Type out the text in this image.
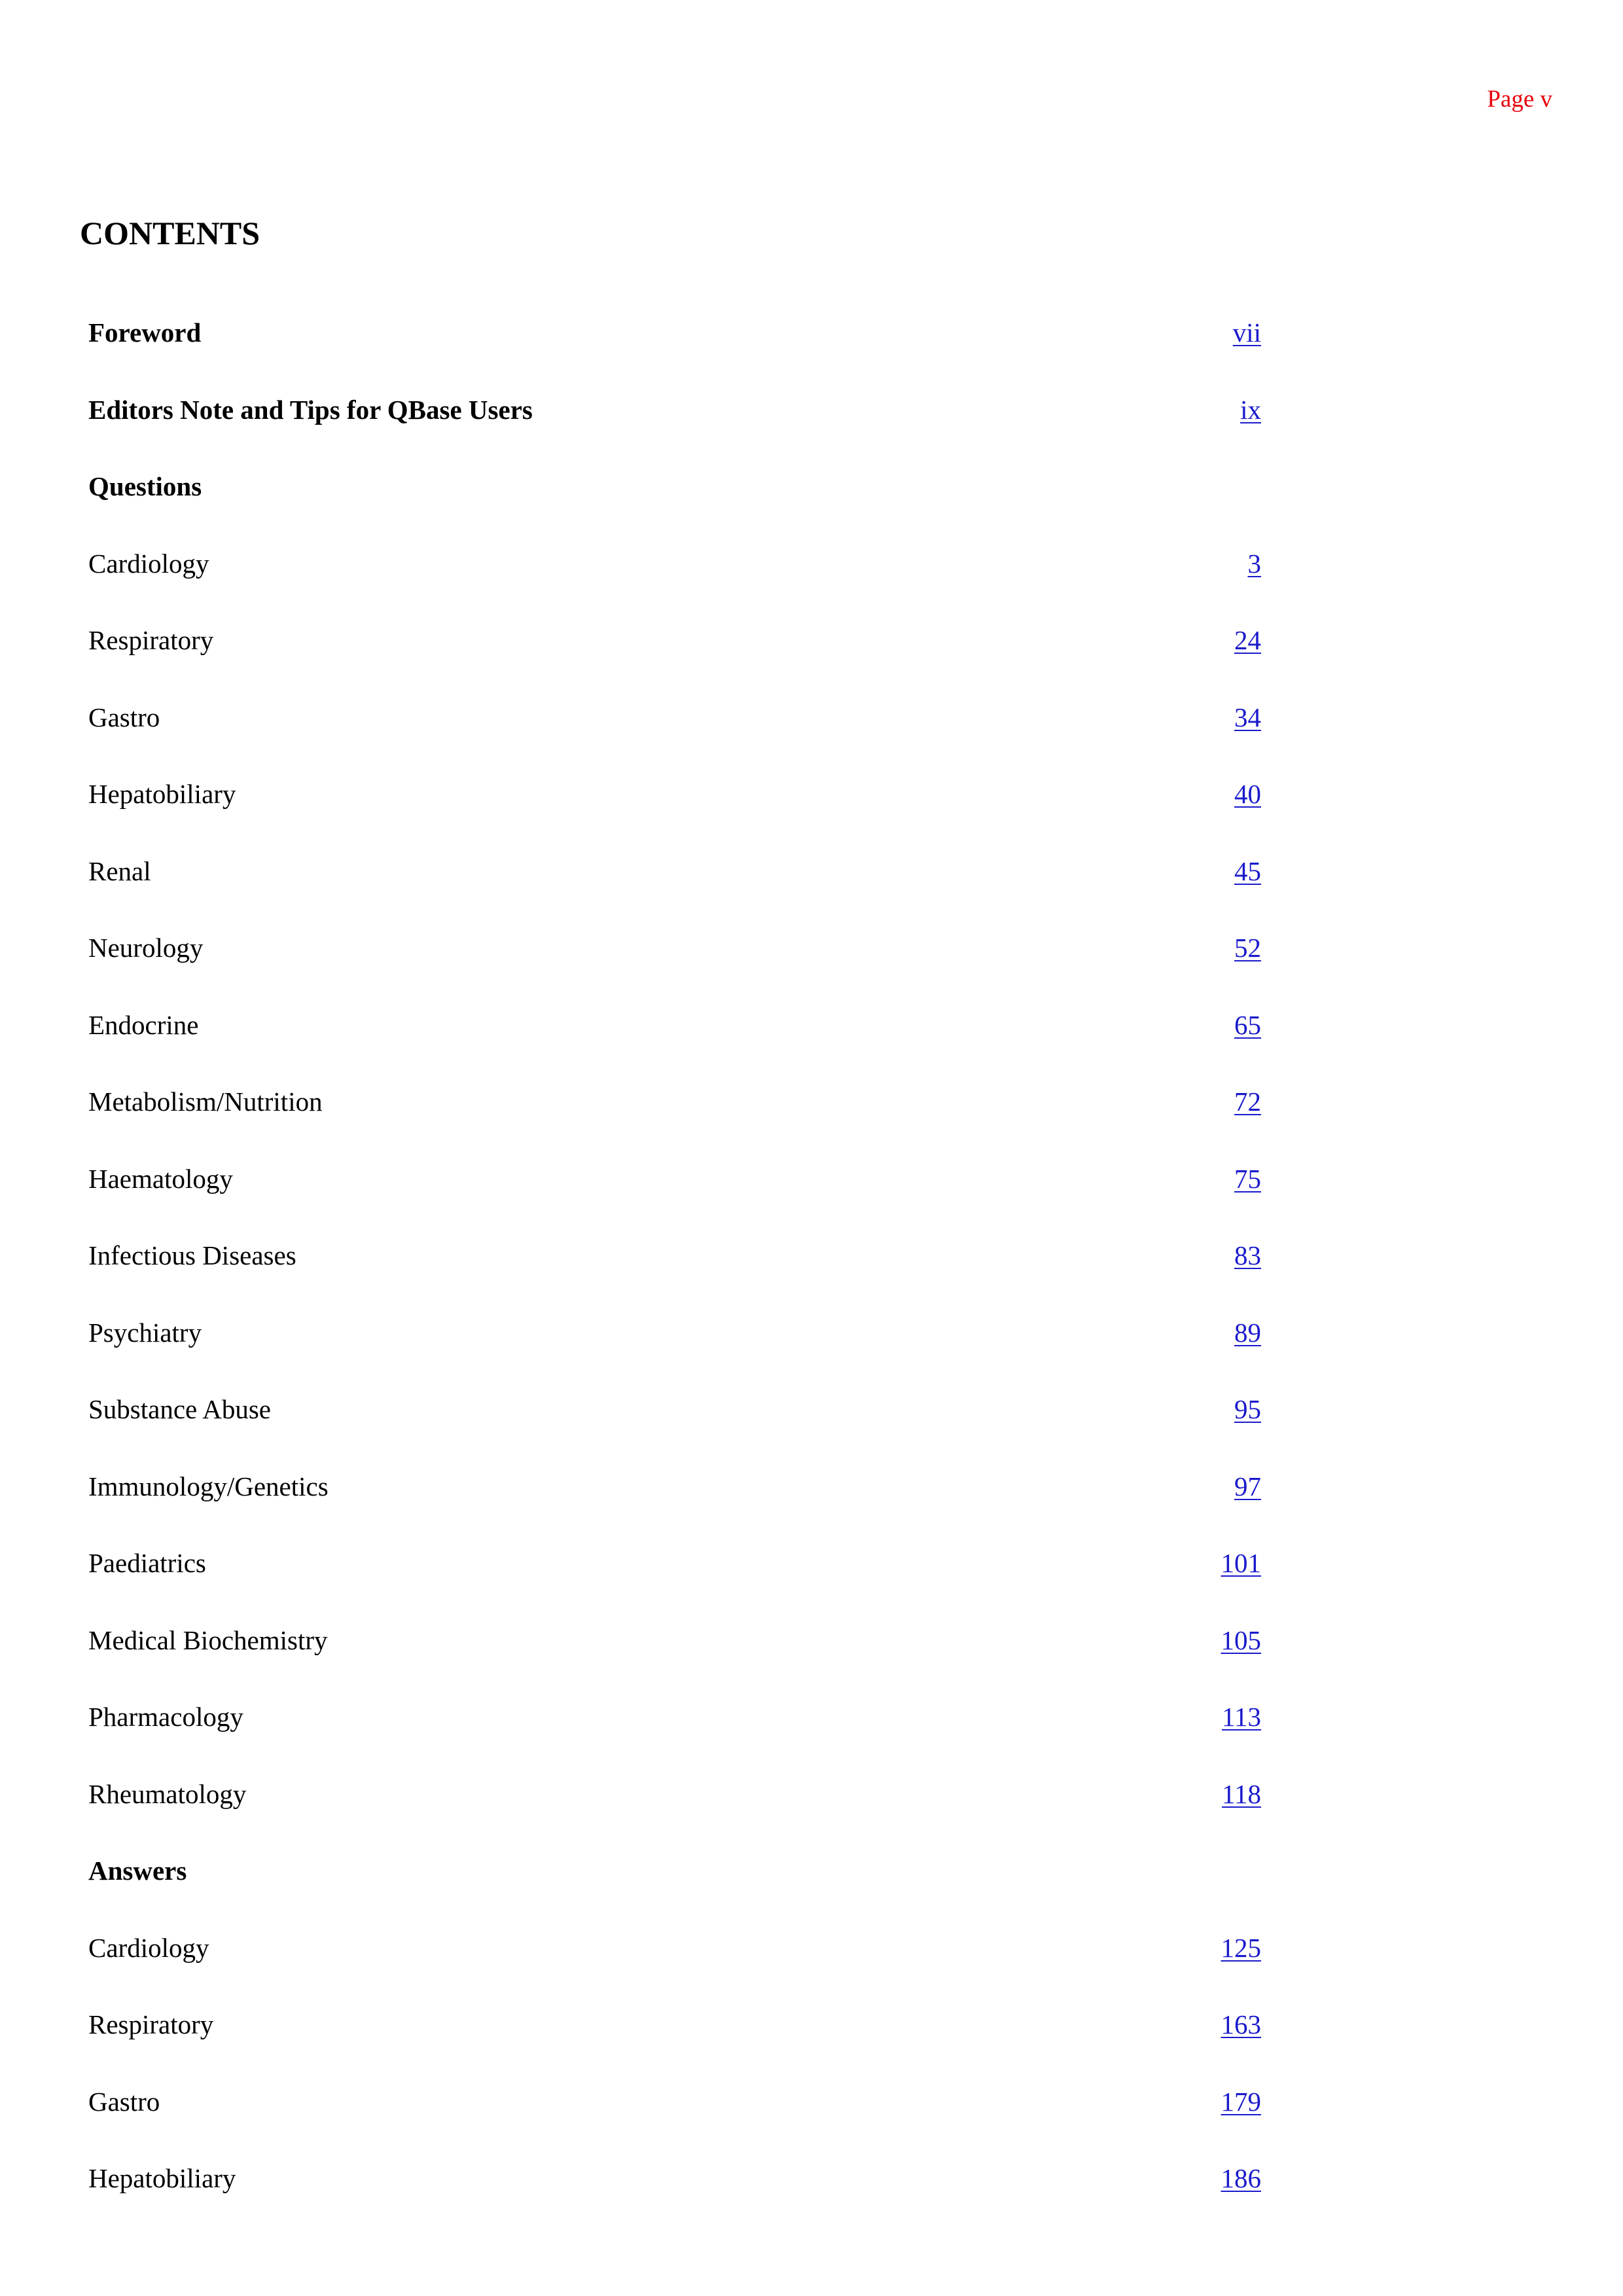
Page v
CONTENTS
Foreword	vii
Editors Note and Tips for QBase Users	ix
Questions
Cardiology	3
Respiratory	24
Gastro	34
Hepatobiliary	40
Renal	45
Neurology	52
Endocrine	65
Metabolism/Nutrition	72
Haematology	75
Infectious Diseases	83
Psychiatry	89
Substance Abuse	95
Immunology/Genetics	97
Paediatrics	101
Medical Biochemistry	105
Pharmacology	113
Rheumatology	118
Answers
Cardiology	125
Respiratory	163
Gastro	179
Hepatobiliary	186
